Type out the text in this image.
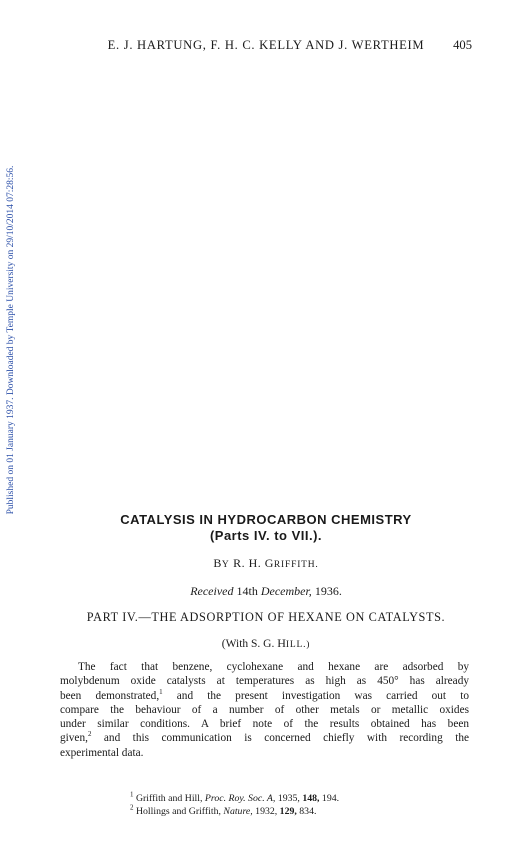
Published on 01 January 1937. Downloaded by Temple University on 29/10/2014 07:28:56.
E. J. HARTUNG, F. H. C. KELLY AND J. WERTHEIM 405
CATALYSIS IN HYDROCARBON CHEMISTRY
(Parts IV. to VII.).
BY R. H. GRIFFITH.
Received 14th December, 1936.
PART IV.—THE ADSORPTION OF HEXANE ON CATALYSTS.
(With S. G. HILL.)

The fact that benzene, cyclohexane and hexane are adsorbed by
molybdenum oxide catalysts at temperatures as high as 450° has already
been demonstrated,$^1$ and the present investigation was carried out to
compare the behaviour of a number of other metals or metallic oxides
under similar conditions. A brief note of the results obtained has been
given,$^2$ and this communication is concerned chiefly with recording the
experimental data.

$^1$ Griffith and Hill, Proc. Roy. Soc. A, 1935, 148, 194.
$^2$ Hollings and Griffith, Nature, 1932, 129, 834.
